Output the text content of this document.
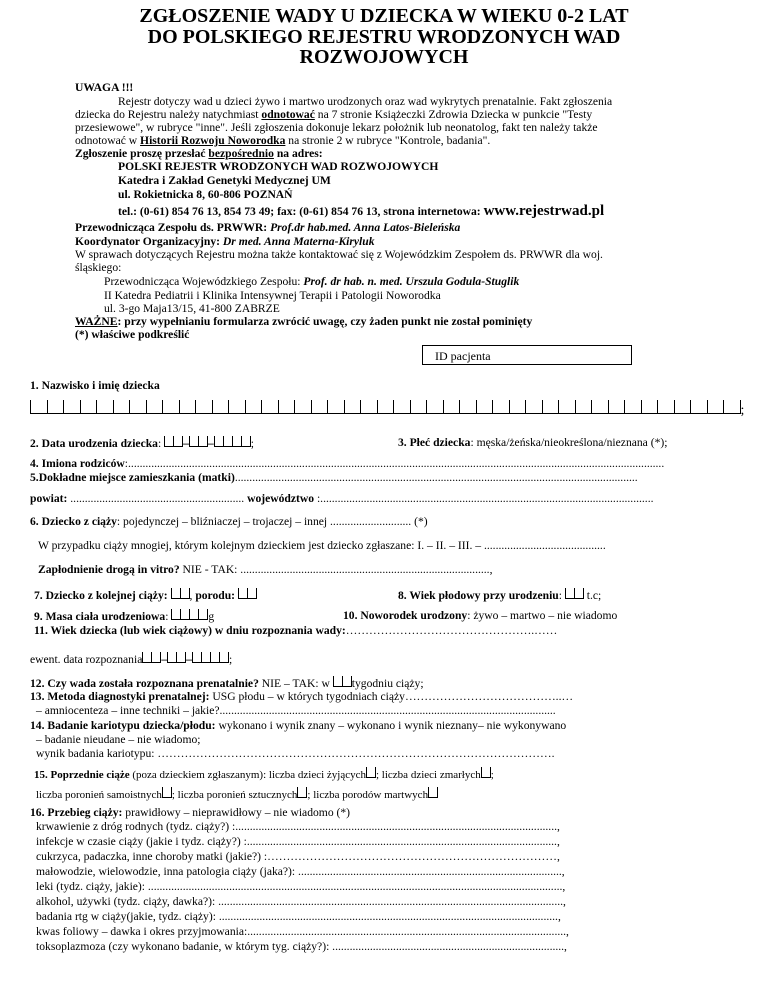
ZGŁOSZENIE WADY U DZIECKA W WIEKU 0-2 LAT
DO POLSKIEGO REJESTRU WRODZONYCH WAD
ROZWOJOWYCH
UWAGA !!!
Rejestr dotyczy wad u dzieci żywo i martwo urodzonych oraz wad wykrytych prenatalnie. Fakt zgłoszenia
dziecka do Rejestru należy natychmiast odnotować na 7 stronie Książeczki Zdrowia Dziecka w punkcie "Testy
przesiewowe", w rubryce "inne". Jeśli zgłoszenia dokonuje lekarz położnik lub neonatolog, fakt ten należy także
odnotować w Historii Rozwoju Noworodka na stronie 2 w rubryce "Kontrole, badania".
Zgłoszenie proszę przesłać bezpośrednio na adres:
POLSKI REJESTR WRODZONYCH WAD ROZWOJOWYCH
Katedra i Zakład Genetyki Medycznej UM
ul. Rokietnicka 8, 60-806 POZNAŃ
tel.: (0-61) 854 76 13, 854 73 49; fax: (0-61) 854 76 13, strona internetowa: www.rejestrwad.pl
Przewodnicząca Zespołu ds. PRWWR: Prof.dr hab.med. Anna Latos-Bieleńska
Koordynator Organizacyjny: Dr med. Anna Materna-Kiryluk
W sprawach dotyczących Rejestru można także kontaktować się z Wojewódzkim Zespołem ds. PRWWR dla woj.
śląskiego:
Przewodnicząca Wojewódzkiego Zespołu: Prof. dr hab. n. med. Urszula Godula-Stuglik
II Katedra Pediatrii i Klinika Intensywnej Terapii i Patologii Noworodka
ul. 3-go Maja13/15, 41-800 ZABRZE
WAŻNE: przy wypełnianiu formularza zwrócić uwagę, czy żaden punkt nie został pominięty
(*) właściwe podkreślić
ID pacjenta
1. Nazwisko i imię dziecka
;
2. Data urodzenia dziecka: – –	;	3. Płeć dziecka: męska/żeńska/nieokreślona/nieznana (*);
4. Imiona rodziców:.........................................................................................................................................................................................
5.Dokładne miejsce zamieszkania (matki)...........................................................................................................................................
powiat: ............................................................ województwo :...................................................................................................................
6. Dziecko z ciąży: pojedynczej – bliźniaczej – trojaczej – innej ............................ (*)
W przypadku ciąży mnogiej, którym kolejnym dzieckiem jest dziecko zgłaszane: I. – II. – III. – ..........................................
Zapłodnienie drogą in vitro? NIE - TAK: ......................................................................................,
7. Dziecko z kolejnej ciąży: , porodu:	8. Wiek płodowy przy urodzeniu:  t.c;
9. Masa ciała urodzeniowa:	g	10. Noworodek urodzony: żywo – martwo – nie wiadomo
11. Wiek dziecka (lub wiek ciążowy) w dniu rozpoznania wady:………………………………………….……
ewent. data rozpoznania – –	;
12. Czy wada została rozpoznana prenatalnie? NIE – TAK: w tygodniu ciąży;
13. Metoda diagnostyki prenatalnej: USG płodu – w których tygodniach ciąży…………………………………..…
– amniocenteza – inne techniki – jakie?....................................................................................................................
14. Badanie kariotypu dziecka/płodu: wykonano i wynik znany – wykonano i wynik nieznany– nie wykonywano
– badanie nieudane – nie wiadomo;
wynik badania kariotypu: ………………………………………………………………………………………….
15. Poprzednie ciąże (poza dzieckiem zgłaszanym): liczba dzieci żyjących ; liczba dzieci zmarłych ;
liczba poronień samoistnych ; liczba poronień sztucznych ; liczba porodów martwych
16. Przebieg ciąży: prawidłowy – nieprawidłowy – nie wiadomo (*)
krwawienie z dróg rodnych (tydz. ciąży?) :...............................................................................................................,
infekcje w czasie ciąży (jakie i tydz. ciąży?) :...........................................................................................................,
cukrzyca, padaczka, inne choroby matki (jakie?) :…………………………………………………………………,
małowodzie, wielowodzie, inna patologia ciąży (jaka?): ...........................................................................................,
leki (tydz. ciąży, jakie): ...............................................................................................................................................,
alkohol, używki (tydz. ciąży, dawka?): .......................................................................................................................,
badania rtg w ciąży(jakie, tydz. ciąży): .....................................................................................................................,
kwas foliowy – dawka i okres przyjmowania:..............................................................................................................,
toksoplazmoza (czy wykonano badanie, w którym tyg. ciąży?): ................................................................................,
